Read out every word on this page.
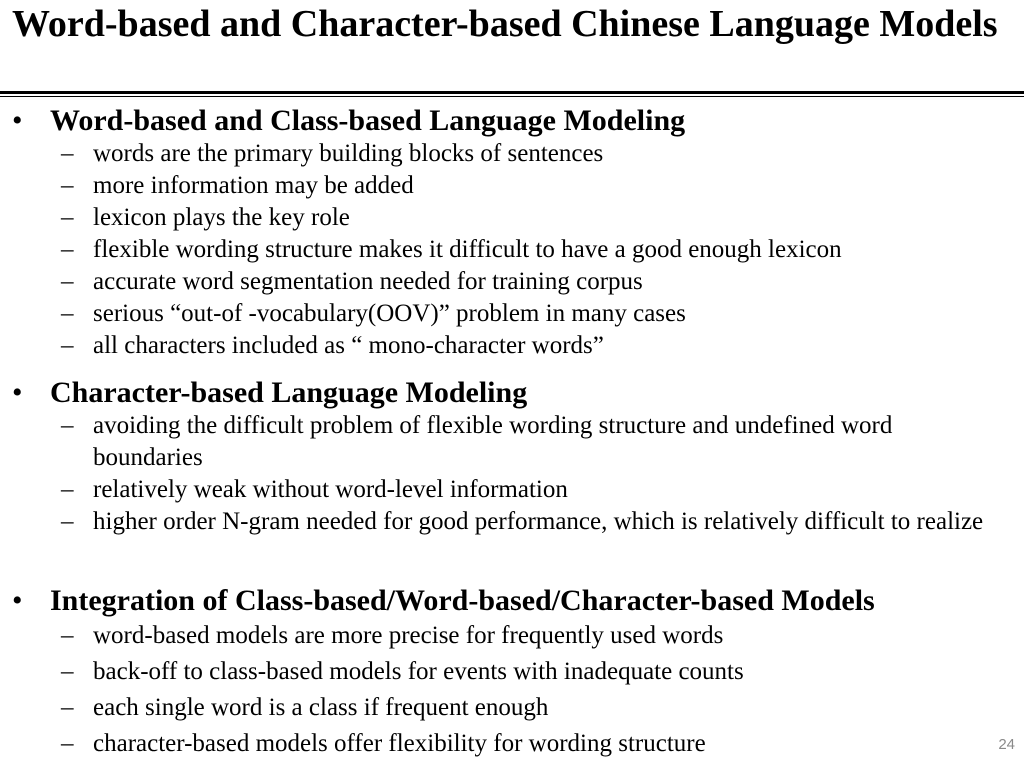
Word-based and Character-based Chinese Language Models
• Word-based and Class-based Language Modeling
– words are the primary building blocks of sentences
– more information may be added
– lexicon plays the key role
– flexible wording structure makes it difficult to have a good enough lexicon
– accurate word segmentation needed for training corpus
– serious “out-of -vocabulary(OOV)” problem in many cases
– all characters included as “ mono-character words”
• Character-based Language Modeling
– avoiding the difficult problem of flexible wording structure and undefined word boundaries
– relatively weak without word-level information
– higher order N-gram needed for good performance, which is relatively difficult to realize
• Integration of Class-based/Word-based/Character-based Models
– word-based models are more precise for frequently used words
– back-off to class-based models for events with inadequate counts
– each single word is a class if frequent enough
– character-based models offer flexibility for wording structure	24
